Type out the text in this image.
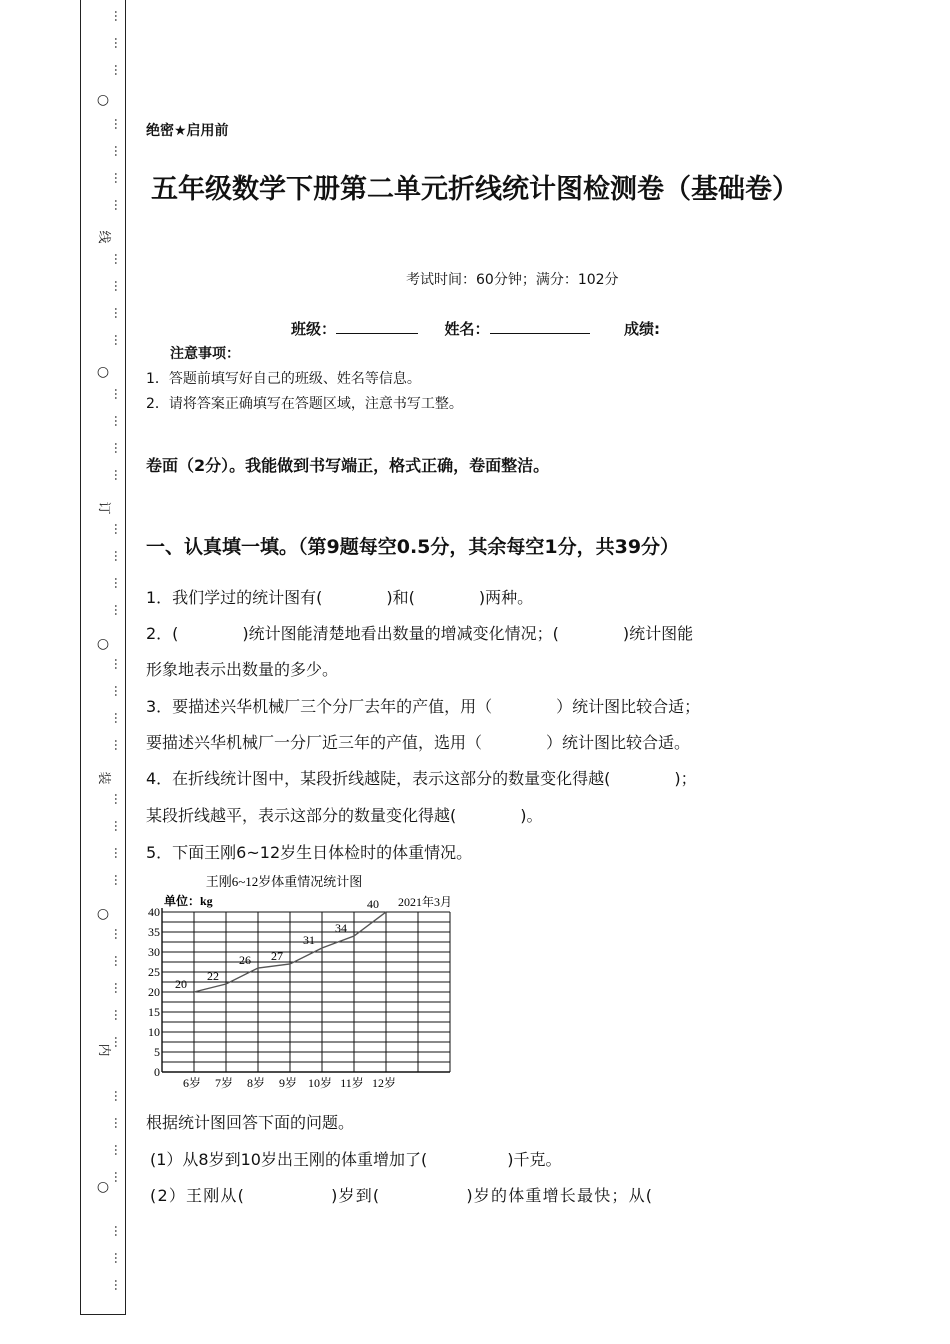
…
…
…
…
…
…
…
…
…
…
…
…
…
…
…
…
…
…
…
…
…
…
…
…
…
…
…
…
…
…
…
…
…
…
…
…
…
…
…
○
○
○
○
○
线
订
装
内
绝密★启用前
五年级数学下册第二单元折线统计图检测卷（基础卷）
考试时间：60分钟；满分：102分
班级：	姓名：	成绩:
注意事项：
1．答题前填写好自己的班级、姓名等信息。
2．请将答案正确填写在答题区域，注意书写工整。
卷面（2分）。我能做到书写端正，格式正确，卷面整洁。
一、认真填一填。（第9题每空0.5分，其余每空1分，共39分）
1．我们学过的统计图有(　　　　)和(　　　　)两种。
2．(　　　　)统计图能清楚地看出数量的增减变化情况；(　　　　)统计图能
形象地表示出数量的多少。
3．要描述兴华机械厂三个分厂去年的产值，用（　　　　）统计图比较合适；
要描述兴华机械厂一分厂近三年的产值，选用（　　　　）统计图比较合适。
4．在折线统计图中，某段折线越陡，表示这部分的数量变化得越(　　　　)；
某段折线越平，表示这部分的数量变化得越(　　　　)。
5．下面王刚6~12岁生日体检时的体重情况。
王刚6~12岁体重情况统计图
单位：kg	2021年3月
0
5
10
15
20
25
30
35
40
6岁 7岁 8岁 9岁 10岁 11岁 12岁
20
22
26 27
31
34
40
根据统计图回答下面的问题。
(1）从8岁到10岁出王刚的体重增加了(　　　　　)千克。
(2）王刚从(　　　　　)岁到(　　　　　)岁的体重增长最快；从(
